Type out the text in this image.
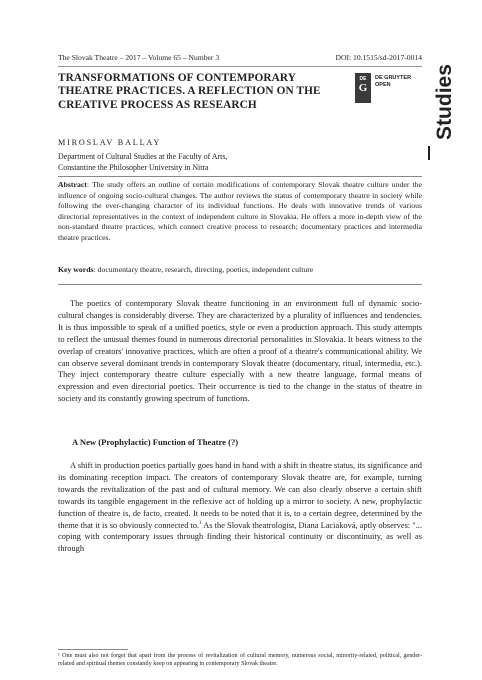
The Slovak Theatre – 2017 – Volume 65 – Number 3	DOI: 10.1515/sd-2017-0014
Studies
DE
G
DE GRUYTER
OPEN
TRANSFORMATIONS OF CONTEMPORARY THEATRE PRACTICES. A REFLECTION ON THE CREATIVE PROCESS AS RESEARCH
MIROSLAV BALLAY
Department of Cultural Studies at the Faculty of Arts,
Constantine the Philosopher University in Nitra
Abstract: The study offers an outline of certain modifications of contemporary Slovak theatre culture under the influence of ongoing socio-cultural changes. The author reviews the status of contemporary theatre in society while following the ever-changing character of its individual functions. He deals with innovative trends of various directorial representatives in the context of independent culture in Slovakia. He offers a more in-depth view of the non-standard theatre practices, which connect creative process to research; documentary practices and intermedia theatre practices.
Key words: documentary theatre, research, directing, poetics, independent culture

The poetics of contemporary Slovak theatre functioning in an environment full of dynamic socio-cultural changes is considerably diverse. They are characterized by a plurality of influences and tendencies. It is thus impossible to speak of a unified poetics, style or even a production approach. This study attempts to reflect the unusual themes found in numerous directorial personalities in Slovakia. It bears witness to the overlap of creators' innovative practices, which are often a proof of a theatre's communicational ability. We can observe several dominant trends in contemporary Slovak theatre (documentary, ritual, intermedia, etc.). They inject contemporary theatre culture especially with a new theatre language, formal means of expression and even directorial poetics. Their occurrence is tied to the change in the status of theatre in society and its constantly growing spectrum of functions.

A New (Prophylactic) Function of Theatre (?)

A shift in production poetics partially goes hand in hand with a shift in theatre status, its significance and its dominating reception impact. The creators of contemporary Slovak theatre are, for example, turning towards the revitalization of the past and of cultural memory. We can also clearly observe a certain shift towards its tangible engagement in the reflexive act of holding up a mirror to society. A new, prophylactic function of theatre is, de facto, created. It needs to be noted that it is, to a certain degree, determined by the theme that it is so obviously connected to.$^1$ As the Slovak theatrologist, Diana Laciaková, aptly observes: "... coping with contemporary issues through finding their historical continuity or discontinuity, as well as through

¹ One must also not forget that apart from the process of revitalization of cultural memory, numerous social, minority-related, political, gender-related and spiritual themes constantly keep on appearing in contemporary Slovak theatre.
